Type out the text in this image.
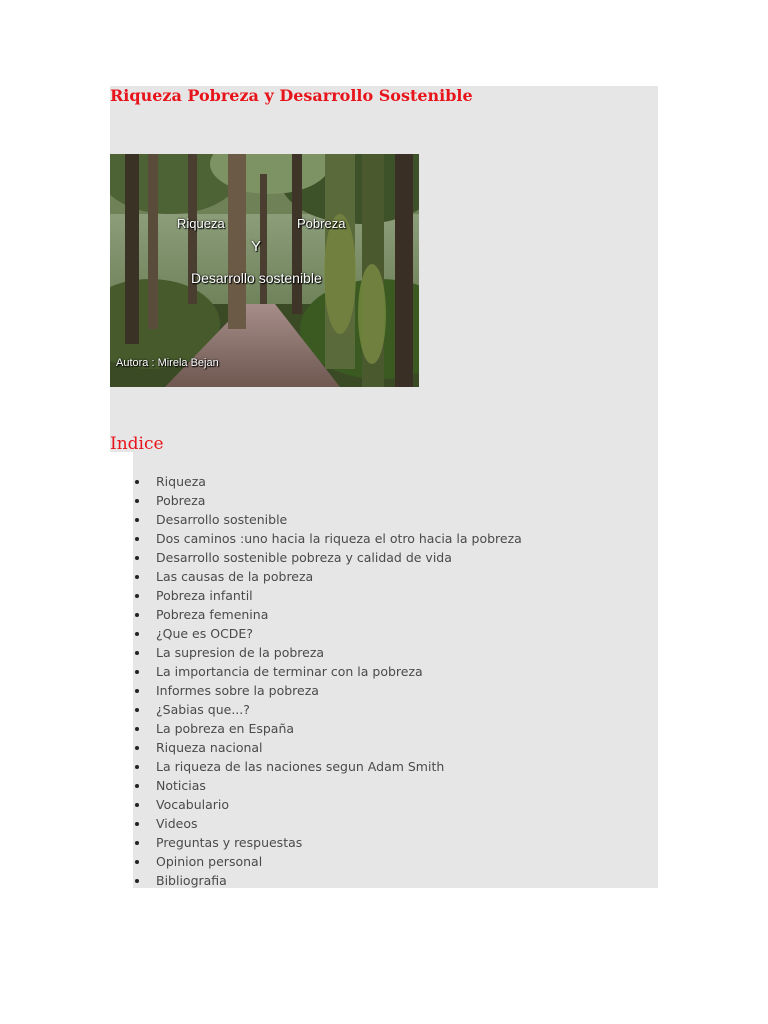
Riqueza Pobreza y Desarrollo Sostenible
Riqueza	Pobreza
Y
Desarrollo sostenible
Autora : Mirela Bejan
Indice
Riqueza
Pobreza
Desarrollo sostenible
Dos caminos :uno hacia la riqueza el otro hacia la pobreza
Desarrollo sostenible pobreza y calidad de vida
Las causas de la pobreza
Pobreza infantil
Pobreza femenina
¿Que es OCDE?
La supresion de la pobreza
La importancia de terminar con la pobreza
Informes sobre la pobreza
¿Sabias que...?
La pobreza en España
Riqueza nacional
La riqueza de las naciones segun Adam Smith
Noticias
Vocabulario
Videos
Preguntas y respuestas
Opinion personal
Bibliografia
